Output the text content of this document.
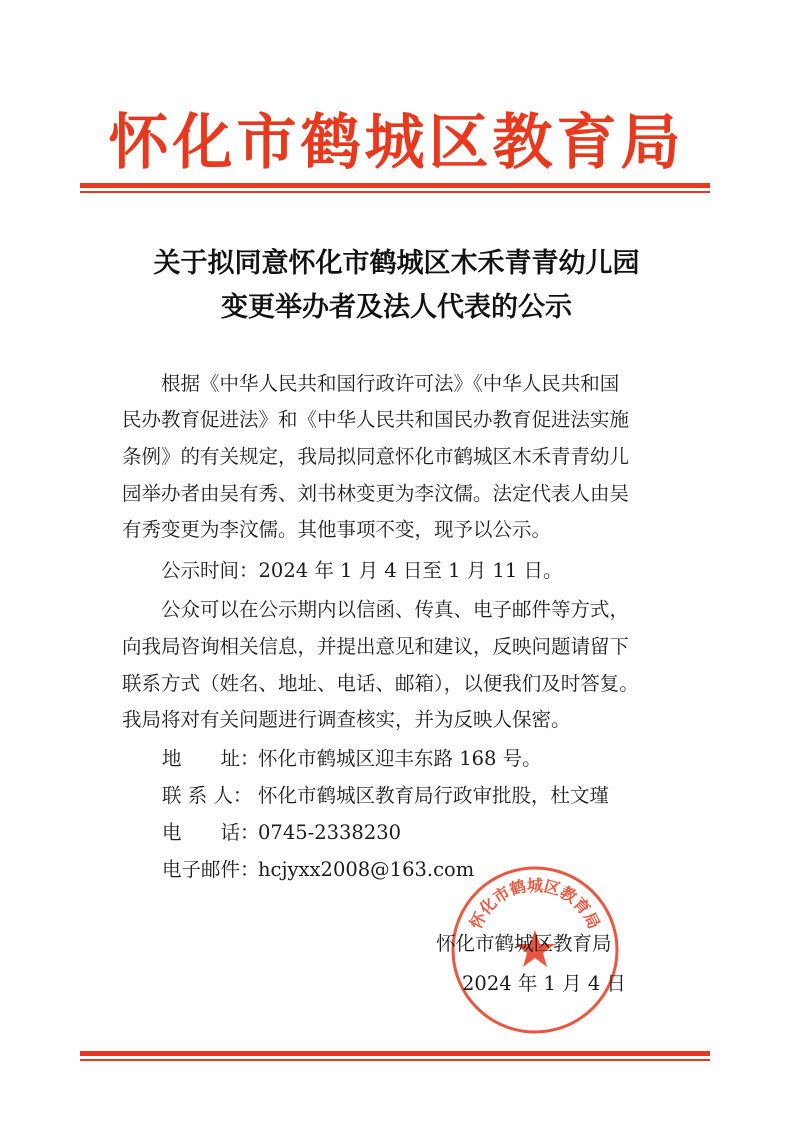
怀化市鹤城区教育局
关于拟同意怀化市鹤城区木禾青青幼儿园
变更举办者及法人代表的公示
　　根据《中华人民共和国行政许可法》《中华人民共和国
民办教育促进法》和《中华人民共和国民办教育促进法实施
条例》的有关规定，我局拟同意怀化市鹤城区木禾青青幼儿
园举办者由吴有秀、刘书林变更为李汶儒。法定代表人由吴
有秀变更为李汶儒。其他事项不变，现予以公示。
　　公示时间：2024 年 1 月 4 日至 1 月 11 日。
　　公众可以在公示期内以信函、传真、电子邮件等方式，
向我局咨询相关信息，并提出意见和建议，反映问题请留下
联系方式（姓名、地址、电话、邮箱），以便我们及时答复。
我局将对有关问题进行调查核实，并为反映人保密。
地　　址：怀化市鹤城区迎丰东路 168 号。
联 系 人： 怀化市鹤城区教育局行政审批股，杜文瑾
电　　话：0745-2338230
电子邮件：hcjyxx2008@163.com
怀化市鹤城区教育局
怀化市鹤城区教育局
2024 年 1 月 4 日
